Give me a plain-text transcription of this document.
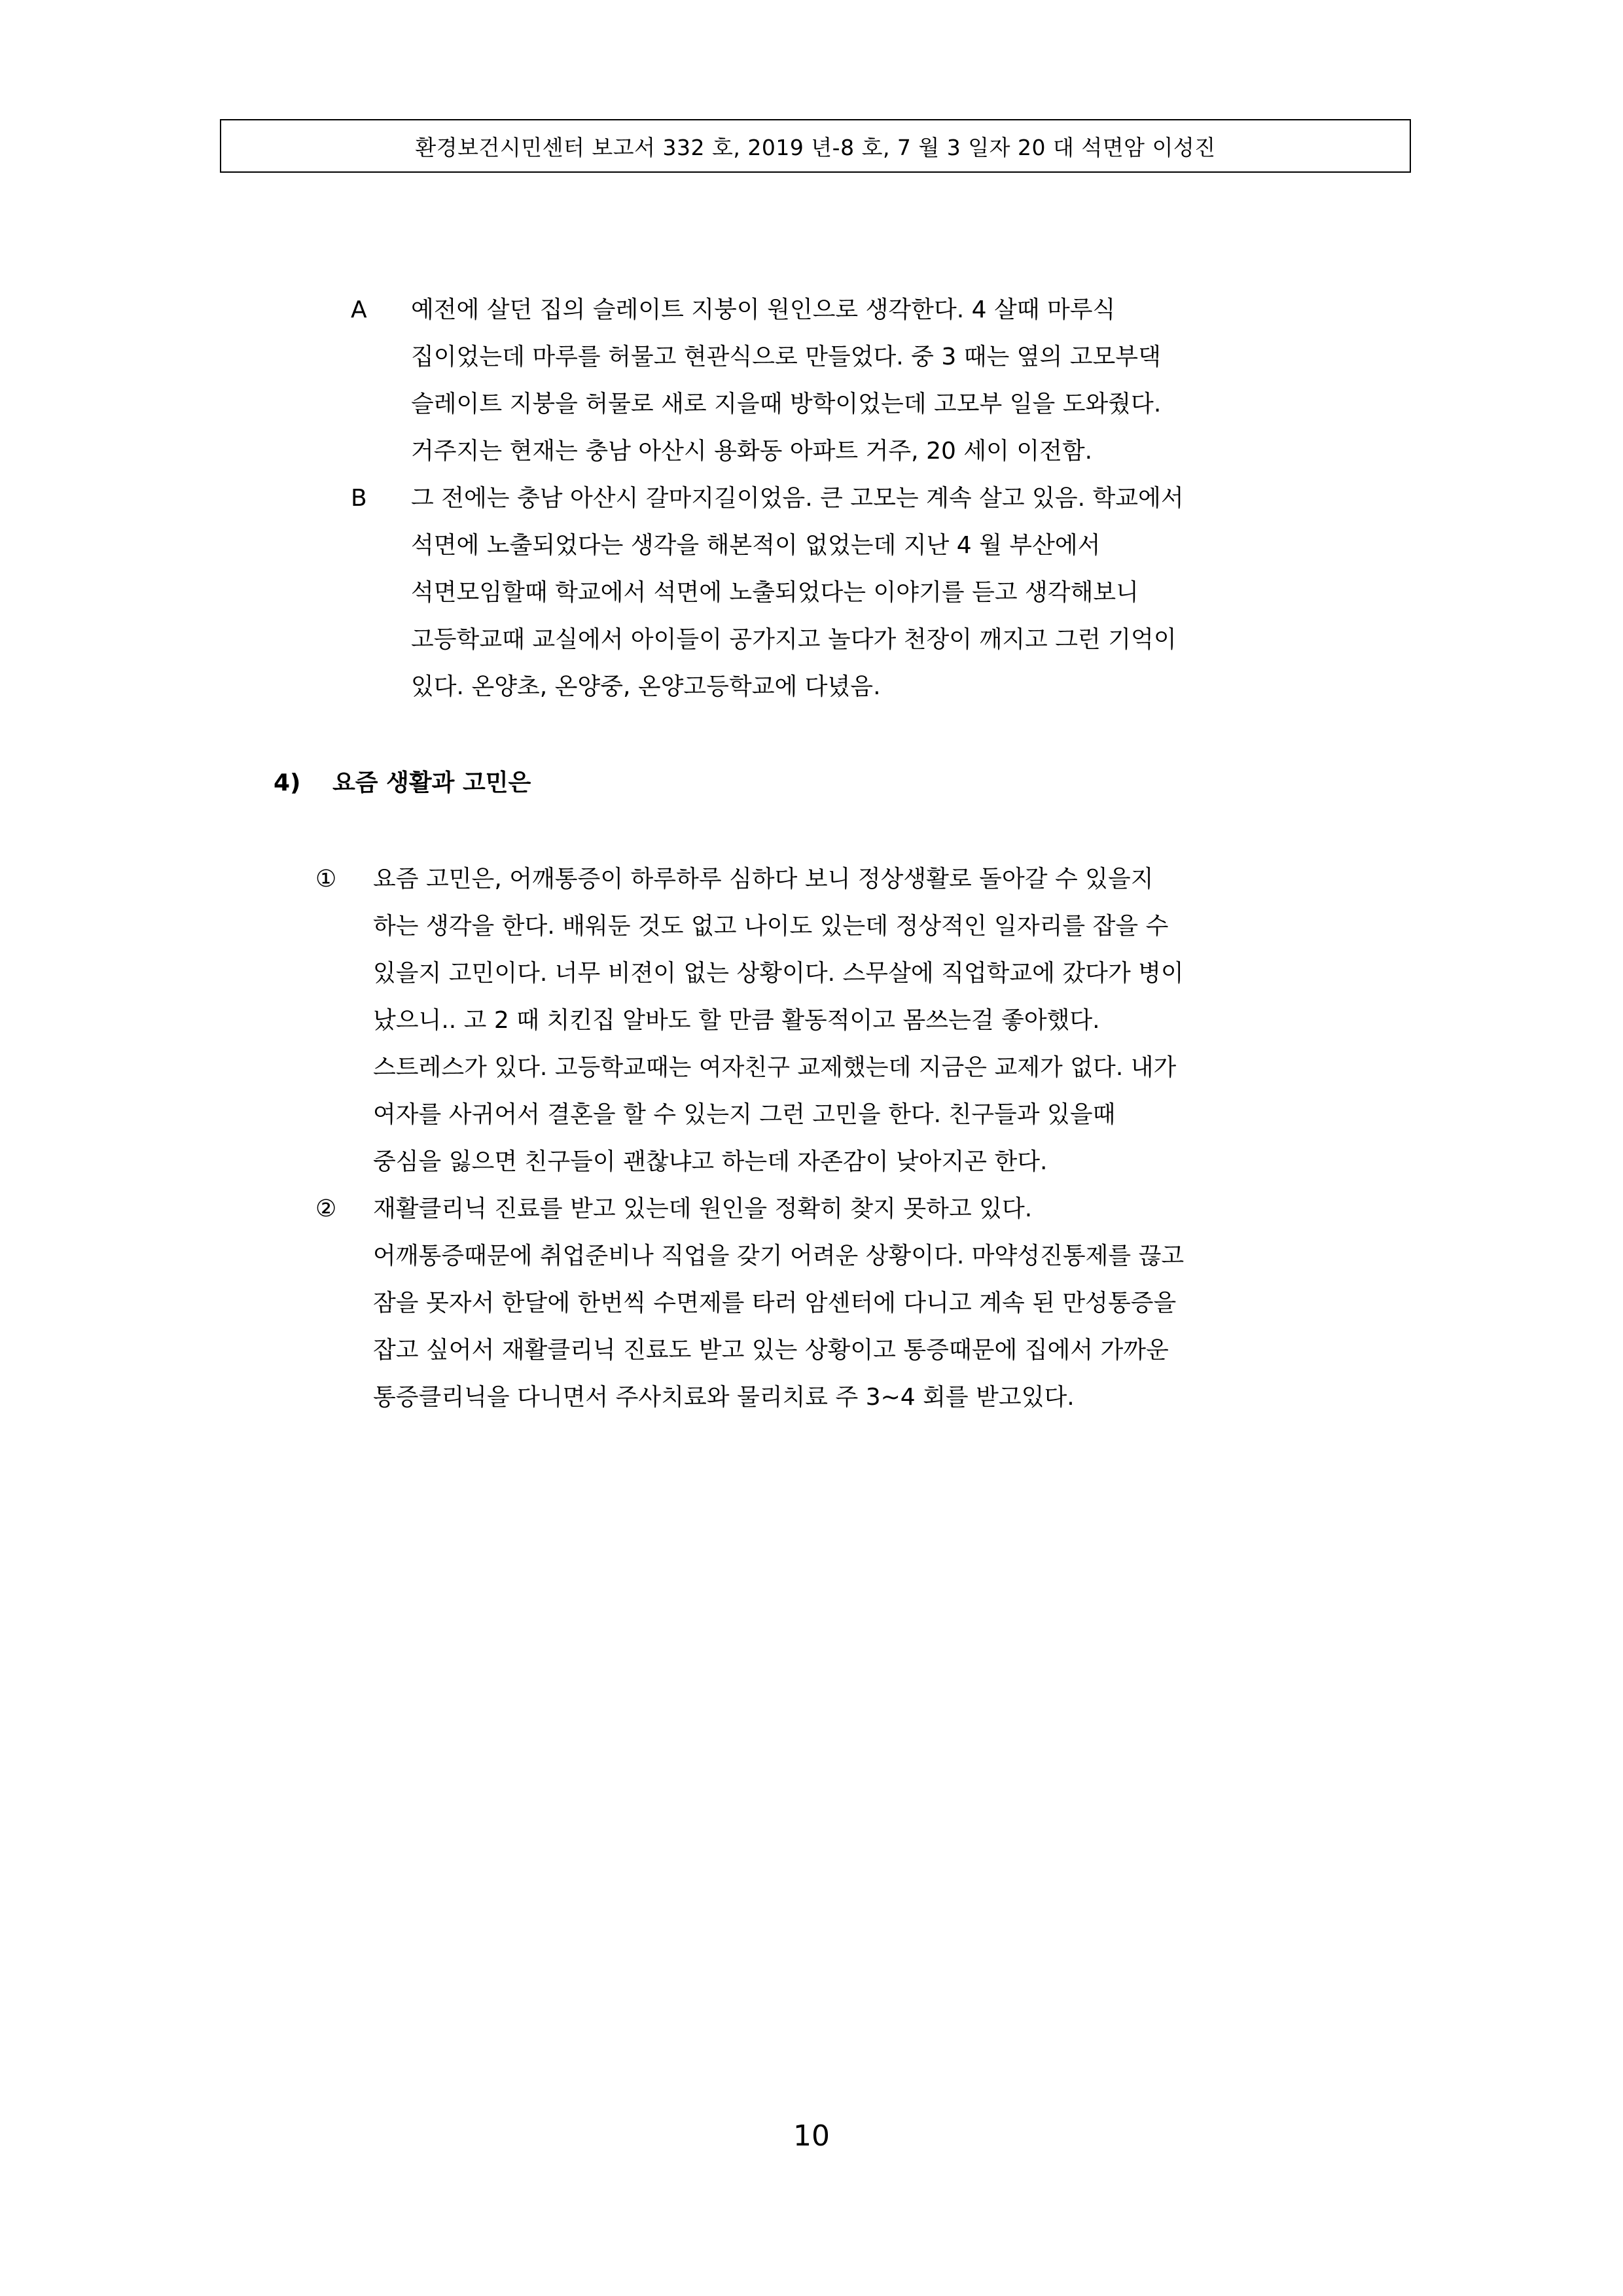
환경보건시민센터 보고서 332 호, 2019 년-8 호, 7 월 3 일자 20 대 석면암 이성진
A 예전에 살던 집의 슬레이트 지붕이 원인으로 생각한다. 4 살때 마루식
집이었는데 마루를 허물고 현관식으로 만들었다. 중 3 때는 옆의 고모부댁
슬레이트 지붕을 허물로 새로 지을때 방학이었는데 고모부 일을 도와줬다.
거주지는 현재는 충남 아산시 용화동 아파트 거주, 20 세이 이전함.
B 그 전에는 충남 아산시 갈마지길이었음. 큰 고모는 계속 살고 있음. 학교에서
석면에 노출되었다는 생각을 해본적이 없었는데 지난 4 월 부산에서
석면모임할때 학교에서 석면에 노출되었다는 이야기를 듣고 생각해보니
고등학교때 교실에서 아이들이 공가지고 놀다가 천장이 깨지고 그런 기억이
있다. 온양초, 온양중, 온양고등학교에 다녔음.
4) 요즘 생활과 고민은
① 요즘 고민은, 어깨통증이 하루하루 심하다 보니 정상생활로 돌아갈 수 있을지
하는 생각을 한다. 배워둔 것도 없고 나이도 있는데 정상적인 일자리를 잡을 수
있을지 고민이다. 너무 비젼이 없는 상황이다. 스무살에 직업학교에 갔다가 병이
났으니.. 고 2 때 치킨집 알바도 할 만큼 활동적이고 몸쓰는걸 좋아했다.
스트레스가 있다. 고등학교때는 여자친구 교제했는데 지금은 교제가 없다. 내가
여자를 사귀어서 결혼을 할 수 있는지 그런 고민을 한다. 친구들과 있을때
중심을 잃으면 친구들이 괜찮냐고 하는데 자존감이 낮아지곤 한다.
② 재활클리닉 진료를 받고 있는데 원인을 정확히 찾지 못하고 있다.
어깨통증때문에 취업준비나 직업을 갖기 어려운 상황이다. 마약성진통제를 끊고
잠을 못자서 한달에 한번씩 수면제를 타러 암센터에 다니고 계속 된 만성통증을
잡고 싶어서 재활클리닉 진료도 받고 있는 상황이고 통증때문에 집에서 가까운
통증클리닉을 다니면서 주사치료와 물리치료 주 3~4 회를 받고있다.
10
